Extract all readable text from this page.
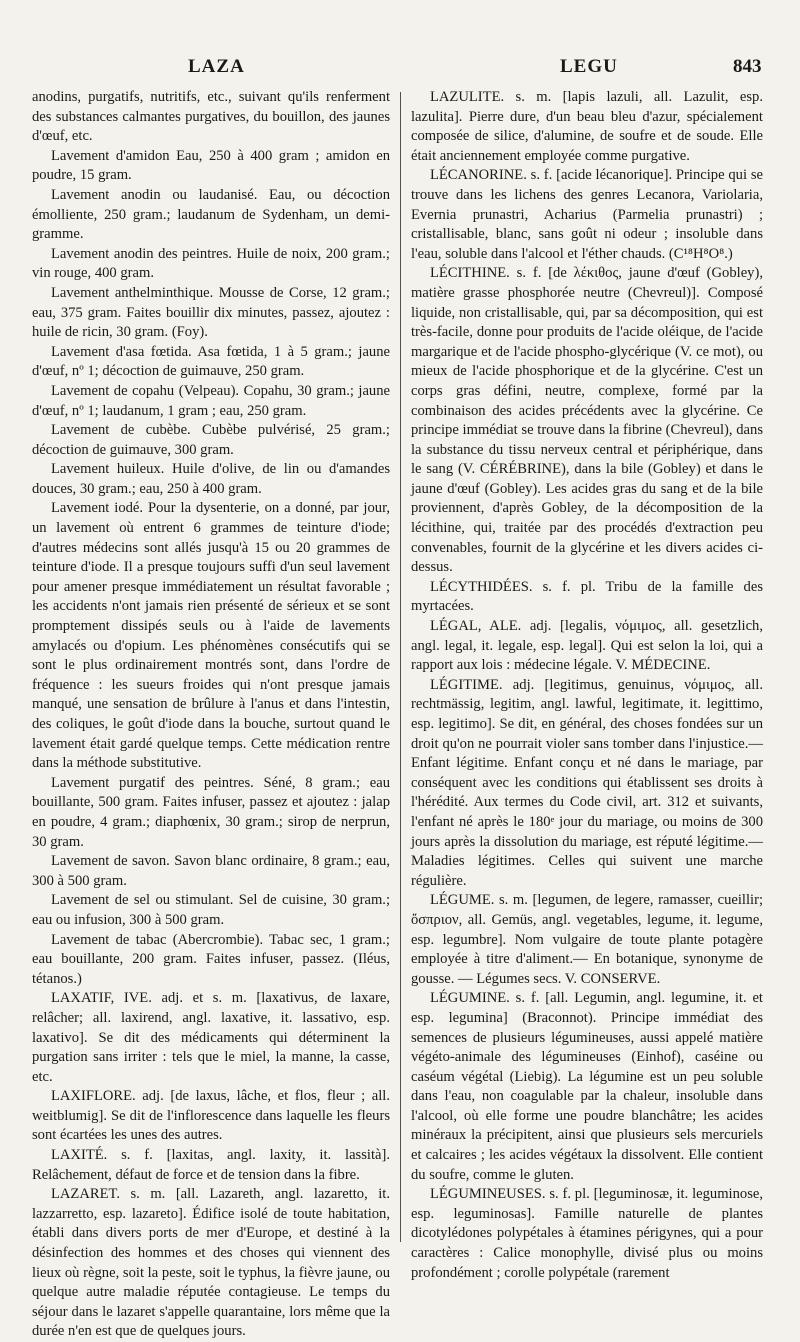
LAZA	LEGU	843

anodins, purgatifs, nutritifs, etc., suivant qu'ils renferment des substances calmantes purgatives, du bouillon, des jaunes d'œuf, etc.

Lavement d'amidon Eau, 250 à 400 gram ; amidon en poudre, 15 gram.

Lavement anodin ou laudanisé. Eau, ou décoction émolliente, 250 gram.; laudanum de Sydenham, un demi-gramme.

Lavement anodin des peintres. Huile de noix, 200 gram.; vin rouge, 400 gram.

Lavement anthelminthique. Mousse de Corse, 12 gram.; eau, 375 gram. Faites bouillir dix minutes, passez, ajoutez : huile de ricin, 30 gram. (Foy).

Lavement d'asa fœtida. Asa fœtida, 1 à 5 gram.; jaune d'œuf, nº 1; décoction de guimauve, 250 gram.

Lavement de copahu (Velpeau). Copahu, 30 gram.; jaune d'œuf, nº 1; laudanum, 1 gram ; eau, 250 gram.

Lavement de cubèbe. Cubèbe pulvérisé, 25 gram.; décoction de guimauve, 300 gram.

Lavement huileux. Huile d'olive, de lin ou d'amandes douces, 30 gram.; eau, 250 à 400 gram.

Lavement iodé. Pour la dysenterie, on a donné, par jour, un lavement où entrent 6 grammes de teinture d'iode; d'autres médecins sont allés jusqu'à 15 ou 20 grammes de teinture d'iode. Il a presque toujours suffi d'un seul lavement pour amener presque immédiatement un résultat favorable ; les accidents n'ont jamais rien présenté de sérieux et se sont promptement dissipés seuls ou à l'aide de lavements amylacés ou d'opium. Les phénomènes consécutifs qui se sont le plus ordinairement montrés sont, dans l'ordre de fréquence : les sueurs froides qui n'ont presque jamais manqué, une sensation de brûlure à l'anus et dans l'intestin, des coliques, le goût d'iode dans la bouche, surtout quand le lavement était gardé quelque temps. Cette médication rentre dans la méthode substitutive.

Lavement purgatif des peintres. Séné, 8 gram.; eau bouillante, 500 gram. Faites infuser, passez et ajoutez : jalap en poudre, 4 gram.; diaphœnix, 30 gram.; sirop de nerprun, 30 gram.

Lavement de savon. Savon blanc ordinaire, 8 gram.; eau, 300 à 500 gram.

Lavement de sel ou stimulant. Sel de cuisine, 30 gram.; eau ou infusion, 300 à 500 gram.

Lavement de tabac (Abercrombie). Tabac sec, 1 gram.; eau bouillante, 200 gram. Faites infuser, passez. (Iléus, tétanos.)

LAXATIF, IVE. adj. et s. m. [laxativus, de laxare, relâcher; all. laxirend, angl. laxative, it. lassativo, esp. laxativo]. Se dit des médicaments qui déterminent la purgation sans irriter : tels que le miel, la manne, la casse, etc.

LAXIFLORE. adj. [de laxus, lâche, et flos, fleur ; all. weitblumig]. Se dit de l'inflorescence dans laquelle les fleurs sont écartées les unes des autres.

LAXITÉ. s. f. [laxitas, angl. laxity, it. lassità]. Relâchement, défaut de force et de tension dans la fibre.

LAZARET. s. m. [all. Lazareth, angl. lazaretto, it. lazzarretto, esp. lazareto]. Édifice isolé de toute habitation, établi dans divers ports de mer d'Europe, et destiné à la désinfection des hommes et des choses qui viennent des lieux où règne, soit la peste, soit le typhus, la fièvre jaune, ou quelque autre maladie réputée contagieuse. Le temps du séjour dans le lazaret s'appelle quarantaine, lors même que la durée n'en est que de quelques jours.

LAZULITE. s. m. [lapis lazuli, all. Lazulit, esp. lazulita]. Pierre dure, d'un beau bleu d'azur, spécialement composée de silice, d'alumine, de soufre et de soude. Elle était anciennement employée comme purgative.

LÉCANORINE. s. f. [acide lécanorique]. Principe qui se trouve dans les lichens des genres Lecanora, Variolaria, Evernia prunastri, Acharius (Parmelia prunastri) ; cristallisable, blanc, sans goût ni odeur ; insoluble dans l'eau, soluble dans l'alcool et l'éther chauds. (C¹⁸H⁸O⁸.)

LÉCITHINE. s. f. [de λέκιθος, jaune d'œuf (Gobley), matière grasse phosphorée neutre (Chevreul)]. Composé liquide, non cristallisable, qui, par sa décomposition, qui est très-facile, donne pour produits de l'acide oléique, de l'acide margarique et de l'acide phospho-glycérique (V. ce mot), ou mieux de l'acide phosphorique et de la glycérine. C'est un corps gras défini, neutre, complexe, formé par la combinaison des acides précédents avec la glycérine. Ce principe immédiat se trouve dans la fibrine (Chevreul), dans la substance du tissu nerveux central et périphérique, dans le sang (V. CÉRÉBRINE), dans la bile (Gobley) et dans le jaune d'œuf (Gobley). Les acides gras du sang et de la bile proviennent, d'après Gobley, de la décomposition de la lécithine, qui, traitée par des procédés d'extraction peu convenables, fournit de la glycérine et les divers acides ci-dessus.

LÉCYTHIDÉES. s. f. pl. Tribu de la famille des myrtacées.

LÉGAL, ALE. adj. [legalis, νόμιμος, all. gesetzlich, angl. legal, it. legale, esp. legal]. Qui est selon la loi, qui a rapport aux lois : médecine légale. V. MÉDECINE.

LÉGITIME. adj. [legitimus, genuinus, νόμιμος, all. rechtmässig, legitim, angl. lawful, legitimate, it. legittimo, esp. legitimo]. Se dit, en général, des choses fondées sur un droit qu'on ne pourrait violer sans tomber dans l'injustice.— Enfant légitime. Enfant conçu et né dans le mariage, par conséquent avec les conditions qui établissent ses droits à l'hérédité. Aux termes du Code civil, art. 312 et suivants, l'enfant né après le 180ᵉ jour du mariage, ou moins de 300 jours après la dissolution du mariage, est réputé légitime.— Maladies légitimes. Celles qui suivent une marche régulière.

LÉGUME. s. m. [legumen, de legere, ramasser, cueillir; ὄσπριον, all. Gemüs, angl. vegetables, legume, it. legume, esp. legumbre]. Nom vulgaire de toute plante potagère employée à titre d'aliment.— En botanique, synonyme de gousse. — Légumes secs. V. CONSERVE.

LÉGUMINE. s. f. [all. Legumin, angl. legumine, it. et esp. legumina] (Braconnot). Principe immédiat des semences de plusieurs légumineuses, aussi appelé matière végéto-animale des légumineuses (Einhof), caséine ou caséum végétal (Liebig). La légumine est un peu soluble dans l'eau, non coagulable par la chaleur, insoluble dans l'alcool, où elle forme une poudre blanchâtre; les acides minéraux la précipitent, ainsi que plusieurs sels mercuriels et calcaires ; les acides végétaux la dissolvent. Elle contient du soufre, comme le gluten.

LÉGUMINEUSES. s. f. pl. [leguminosæ, it. leguminose, esp. leguminosas]. Famille naturelle de plantes dicotylédones polypétales à étamines périgynes, qui a pour caractères : Calice monophylle, divisé plus ou moins profondément ; corolle polypétale (rarement
